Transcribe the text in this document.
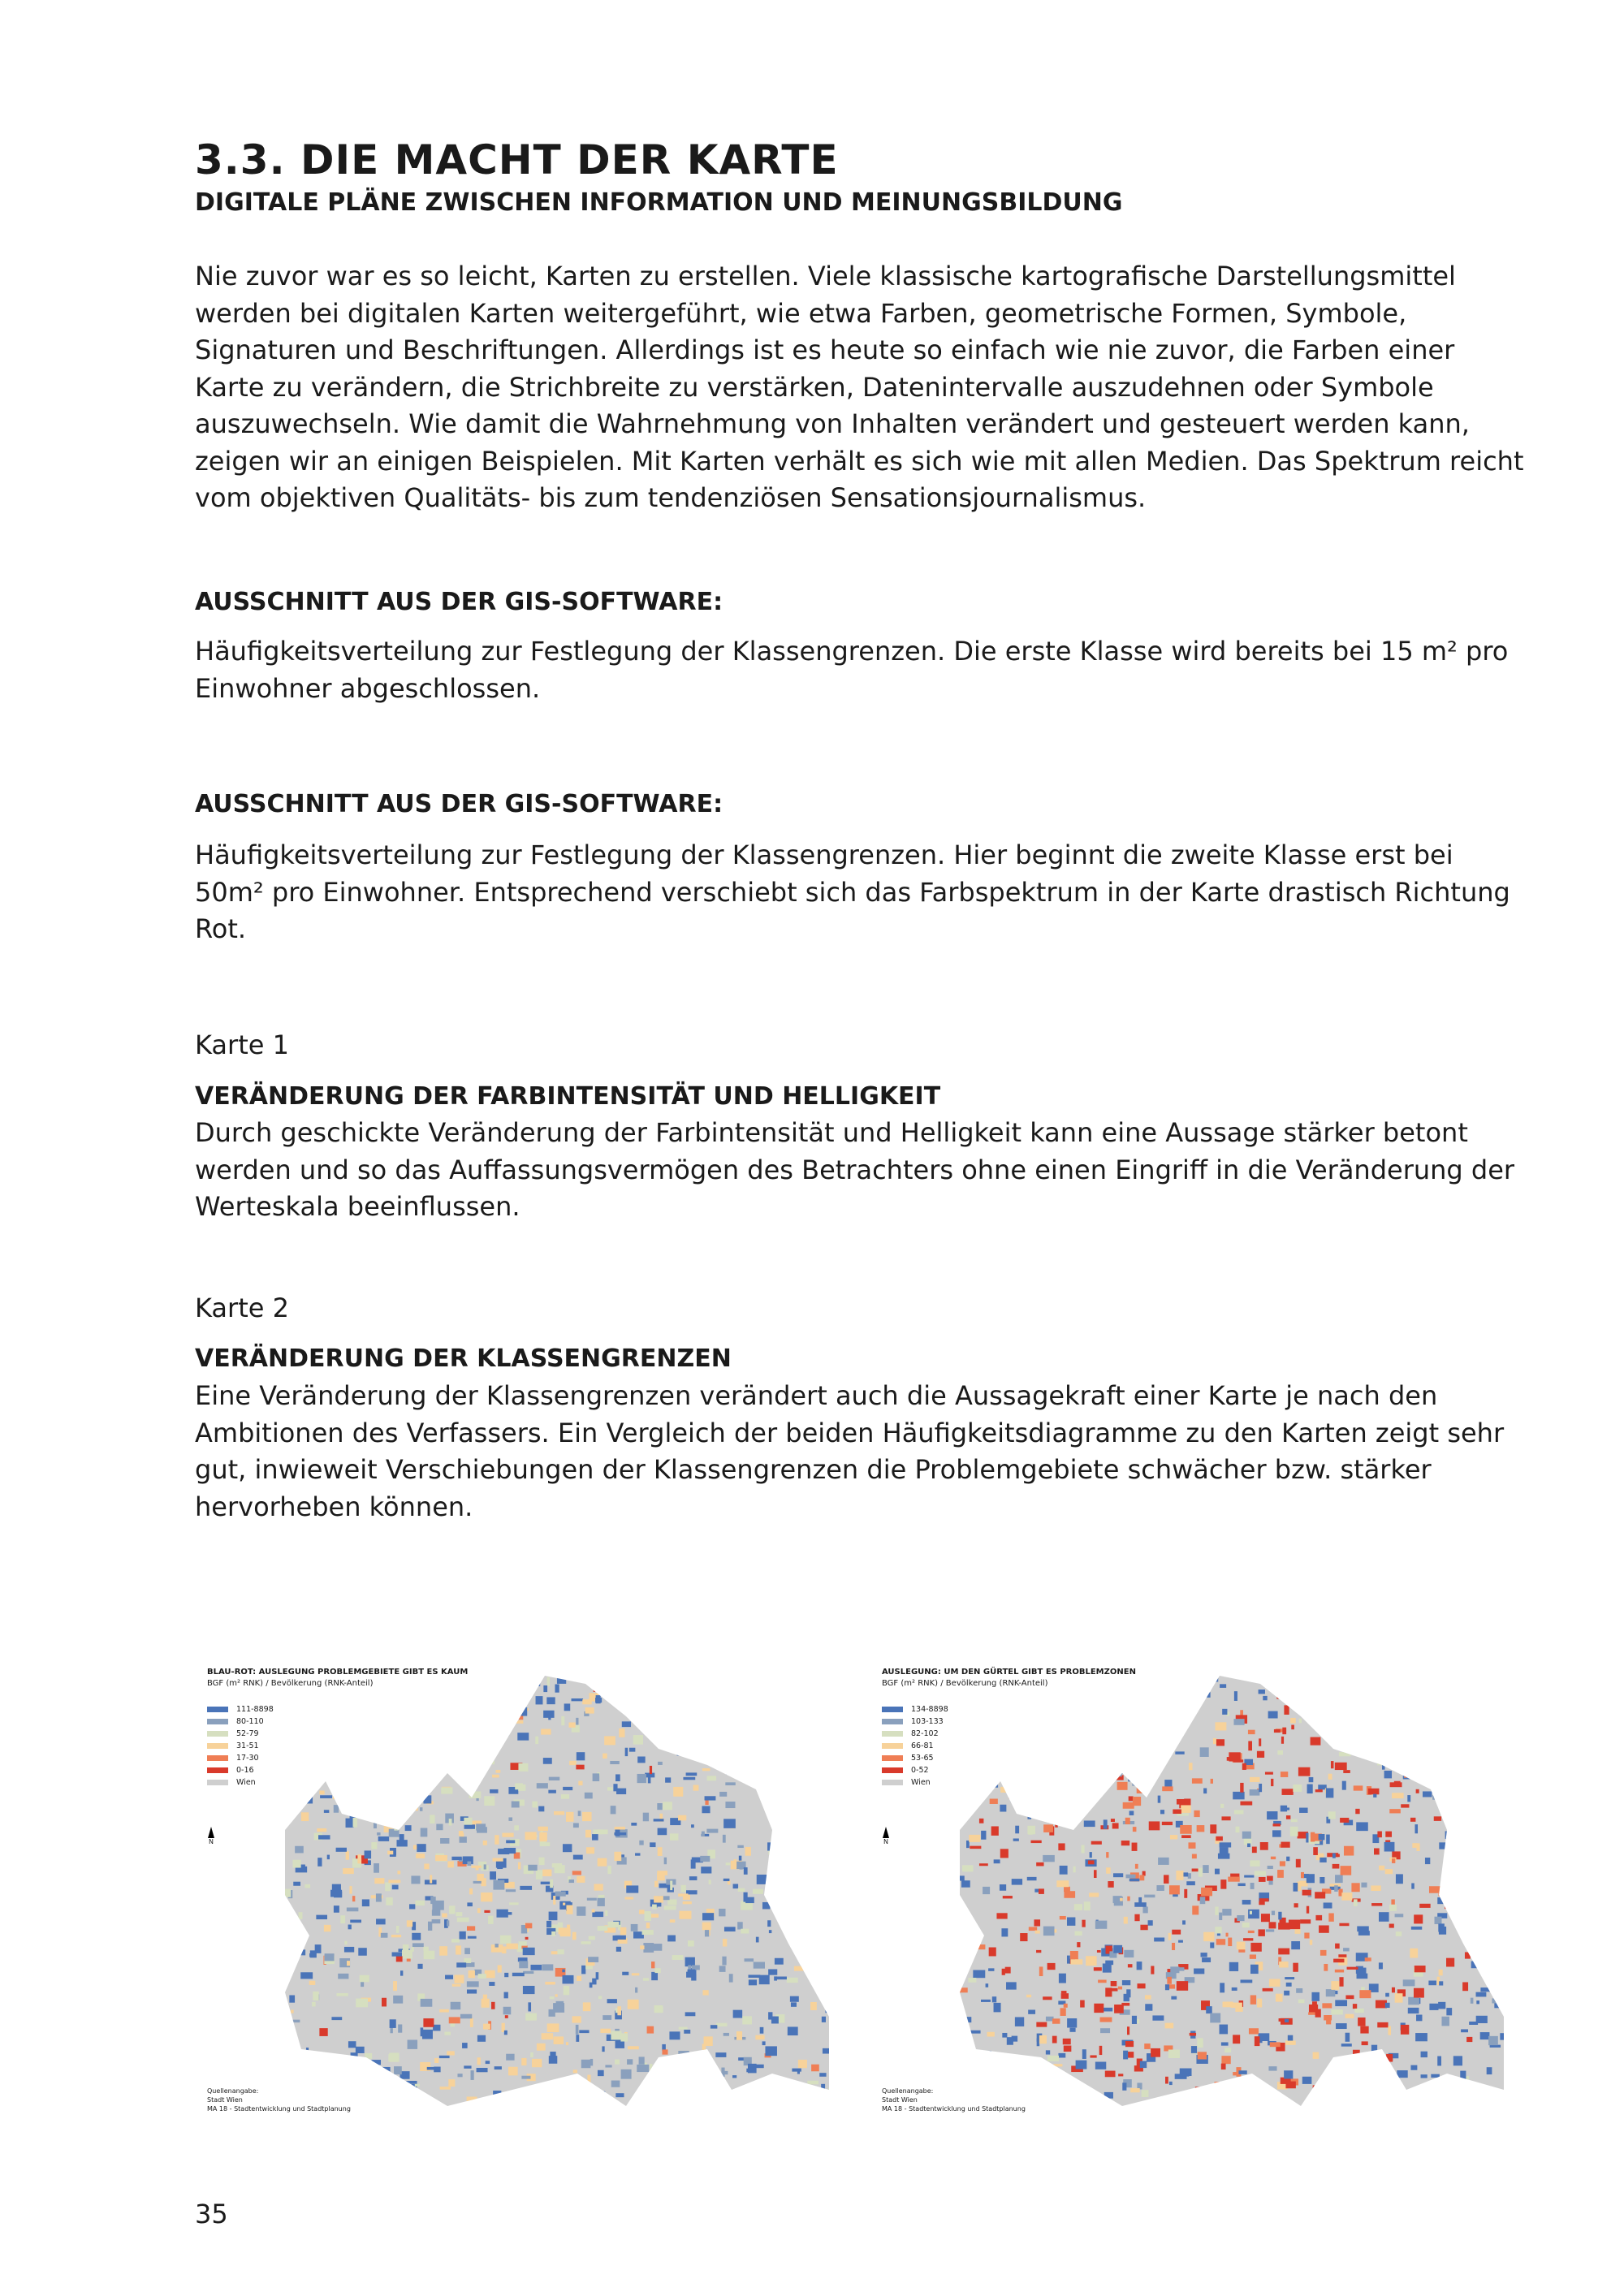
3.3. DIE MACHT DER KARTE
DIGITALE PLÄNE ZWISCHEN INFORMATION UND MEINUNGSBILDUNG

Nie zuvor war es so leicht, Karten zu erstellen. Viele klassische kartografische Darstellungsmittel werden bei digitalen Karten weitergeführt, wie etwa Farben, geometrische Formen, Symbole, Signaturen und Beschriftungen. Allerdings ist es heute so einfach wie nie zuvor, die Farben einer Karte zu verändern, die Strichbreite zu verstärken, Datenintervalle auszudehnen oder Symbole auszuwechseln. Wie damit die Wahrnehmung von Inhalten verändert und gesteuert werden kann, zeigen wir an einigen Beispielen. Mit Karten verhält es sich wie mit allen Medien. Das Spektrum reicht vom objektiven Qualitäts- bis zum tendenziösen Sensationsjournalismus.

AUSSCHNITT AUS DER GIS-SOFTWARE:

Häufigkeitsverteilung zur Festlegung der Klassengrenzen. Die erste Klasse wird bereits bei 15 m² pro Einwohner abgeschlossen.

AUSSCHNITT AUS DER GIS-SOFTWARE:

Häufigkeitsverteilung zur Festlegung der Klassengrenzen. Hier beginnt die zweite Klasse erst bei 50m² pro Einwohner. Entsprechend verschiebt sich das Farbspektrum in der Karte drastisch Richtung Rot.

Karte 1

VERÄNDERUNG DER FARBINTENSITÄT UND HELLIGKEIT

Durch geschickte Veränderung der Farbintensität und Helligkeit kann eine Aussage stärker betont werden und so das Auffassungsvermögen des Betrachters ohne einen Eingriff in die Veränderung der Werteskala beeinflussen.

Karte 2

VERÄNDERUNG DER KLASSENGRENZEN

Eine Veränderung der Klassengrenzen verändert auch die Aussagekraft einer Karte je nach den Ambitionen des Verfassers. Ein Vergleich der beiden Häufigkeitsdiagramme zu den Karten zeigt sehr gut, inwieweit Verschiebungen der Klassengrenzen die Problemgebiete schwächer bzw. stärker hervorheben können.

BLAU-ROT: AUSLEGUNG PROBLEMGEBIETE GIBT ES KAUM
BGF (m² RNK) / Bevölkerung (RNK-Anteil)
111-8898
80-110
52-79
31-51
17-30
0-16
Wien
N
Quellenangabe:
Stadt Wien
MA 18 - Stadtentwicklung und Stadtplanung
AUSLEGUNG: UM DEN GÜRTEL GIBT ES PROBLEMZONEN
BGF (m² RNK) / Bevölkerung (RNK-Anteil)
134-8898
103-133
82-102
66-81
53-65
0-52
Wien
N
Quellenangabe:
Stadt Wien
MA 18 - Stadtentwicklung und Stadtplanung
35
